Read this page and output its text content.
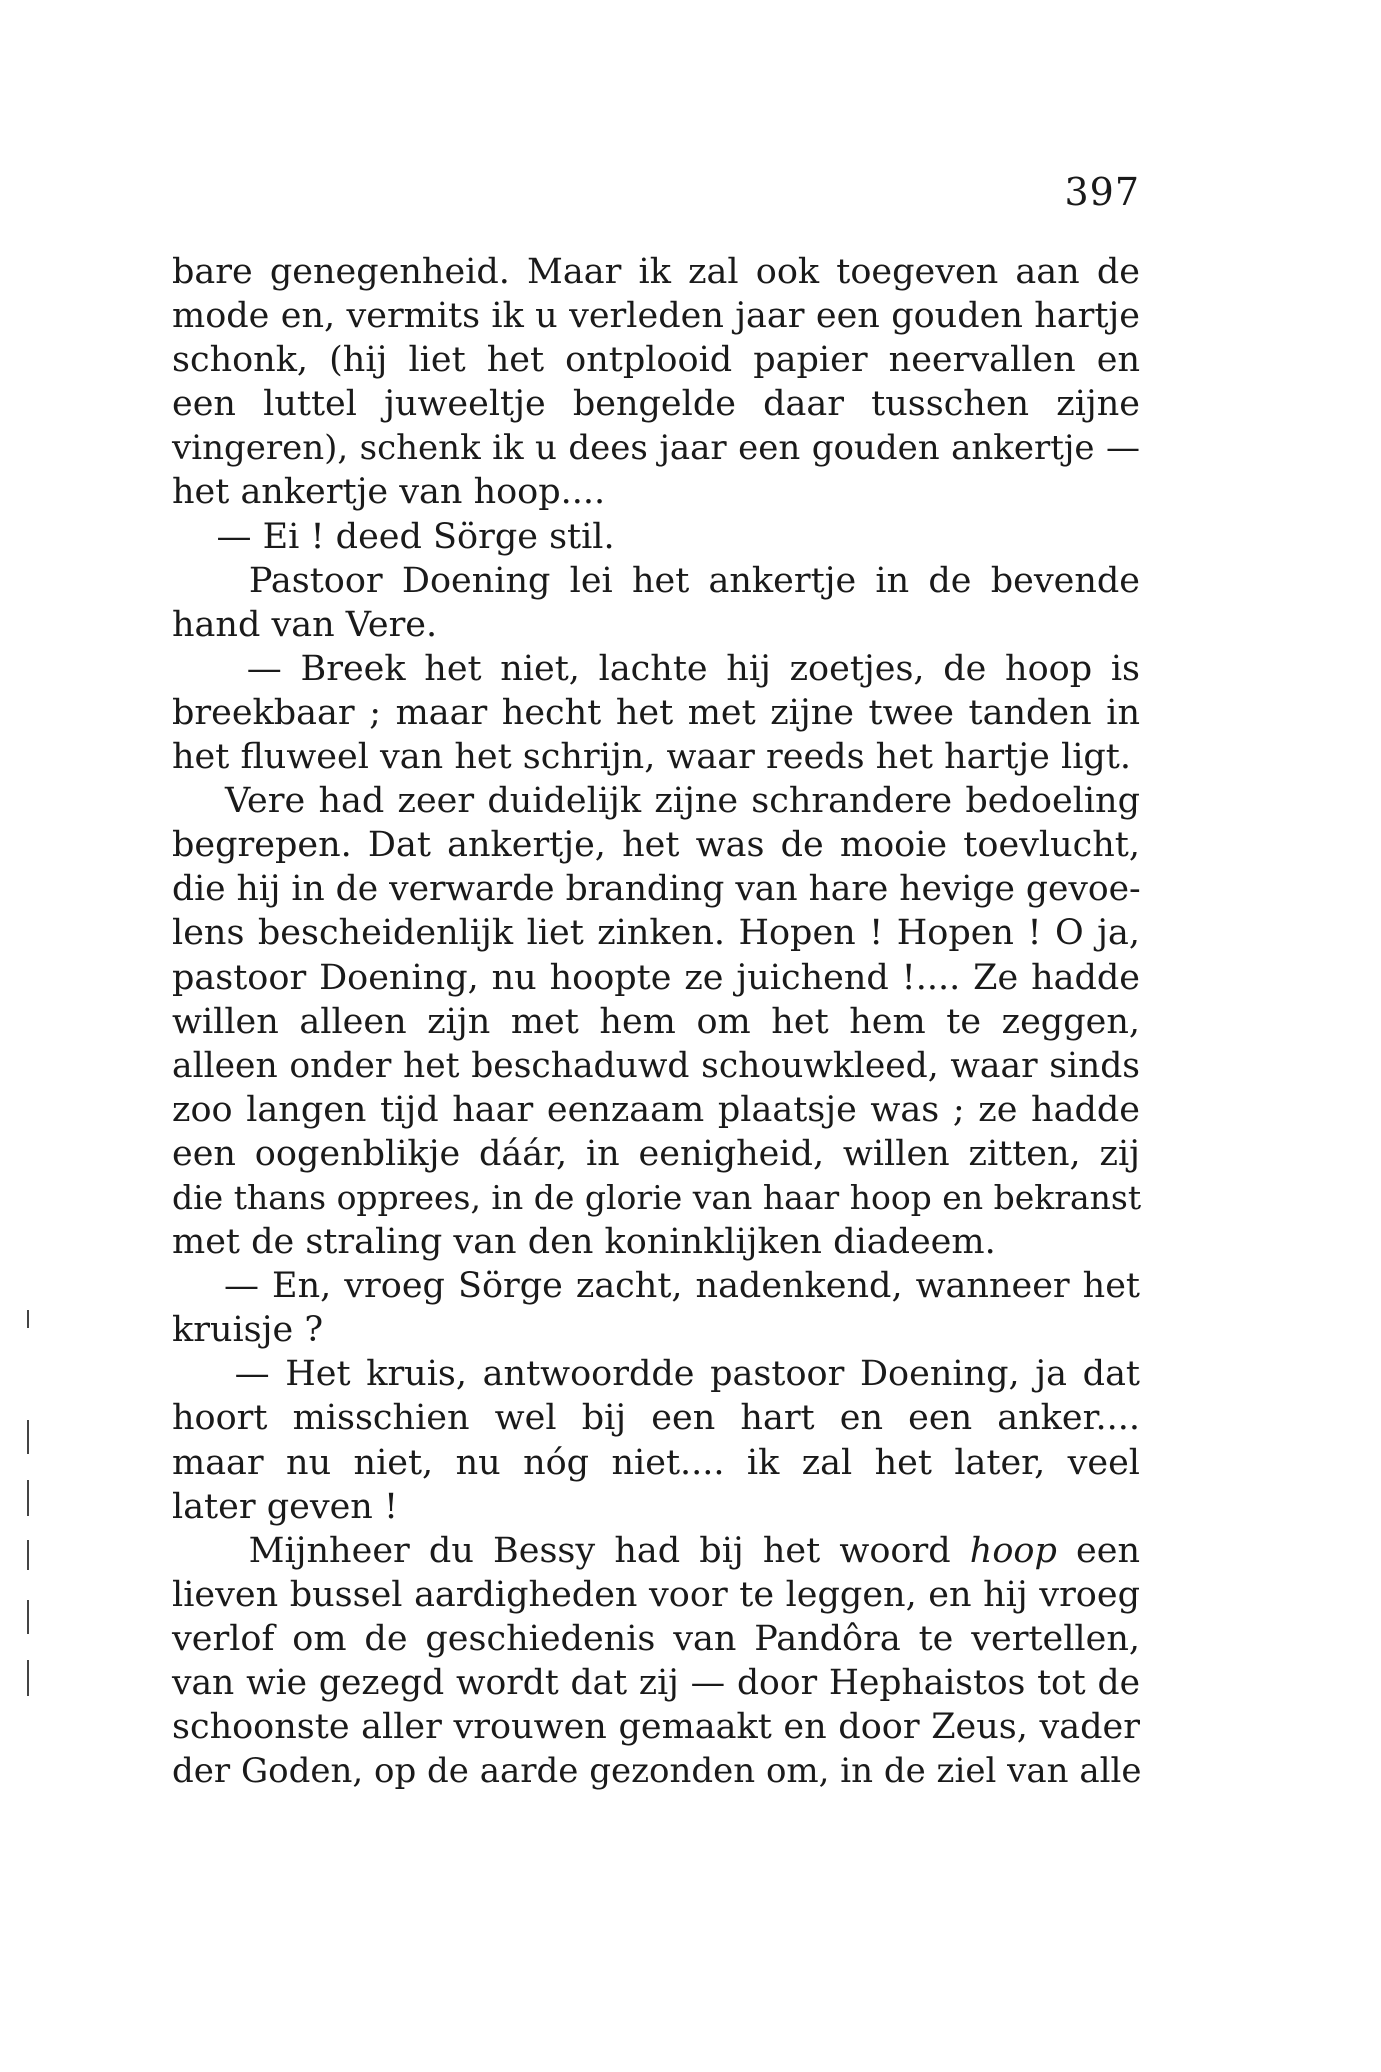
397
bare genegenheid. Maar ik zal ook toegeven aan de
mode en, vermits ik u verleden jaar een gouden hartje
schonk, (hij liet het ontplooid papier neervallen en
een luttel juweeltje bengelde daar tusschen zijne
vingeren), schenk ik u dees jaar een gouden ankertje —
het ankertje van hoop....
— Ei ! deed Sörge stil.
Pastoor Doening lei het ankertje in de bevende
hand van Vere.
— Breek het niet, lachte hij zoetjes, de hoop is
breekbaar ; maar hecht het met zijne twee tanden in
het fluweel van het schrijn, waar reeds het hartje ligt.
Vere had zeer duidelijk zijne schrandere bedoeling
begrepen. Dat ankertje, het was de mooie toevlucht,
die hij in de verwarde branding van hare hevige gevoe-
lens bescheidenlijk liet zinken. Hopen ! Hopen ! O ja,
pastoor Doening, nu hoopte ze juichend !.... Ze hadde
willen alleen zijn met hem om het hem te zeggen,
alleen onder het beschaduwd schouwkleed, waar sinds
zoo langen tijd haar eenzaam plaatsje was ; ze hadde
een oogenblikje dáár, in eenigheid, willen zitten, zij
die thans opprees, in de glorie van haar hoop en bekranst
met de straling van den koninklijken diadeem.
— En, vroeg Sörge zacht, nadenkend, wanneer het
kruisje ?
— Het kruis, antwoordde pastoor Doening, ja dat
hoort misschien wel bij een hart en een anker....
maar nu niet, nu nóg niet.... ik zal het later, veel
later geven !
Mijnheer du Bessy had bij het woord hoop een
lieven bussel aardigheden voor te leggen, en hij vroeg
verlof om de geschiedenis van Pandôra te vertellen,
van wie gezegd wordt dat zij — door Hephaistos tot de
schoonste aller vrouwen gemaakt en door Zeus, vader
der Goden, op de aarde gezonden om, in de ziel van alle
